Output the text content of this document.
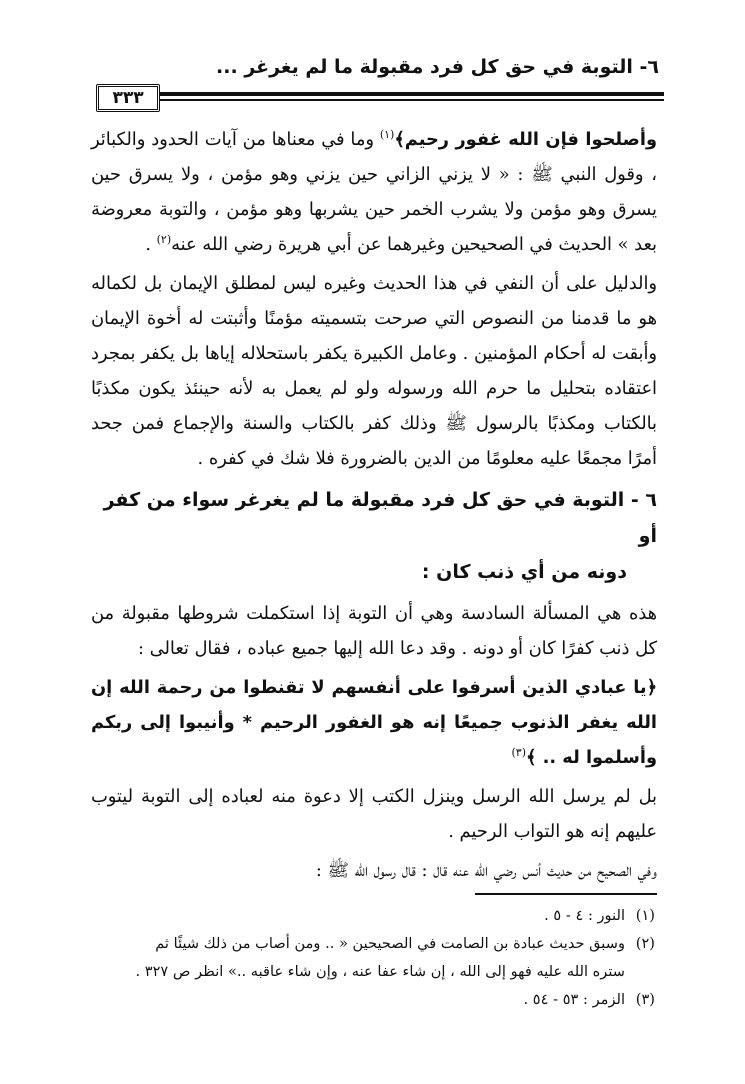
٦- التوبة في حق كل فرد مقبولة ما لم يغرغر ...
٣٣٣

وأصلحوا فإن الله غفور رحيم﴾$^{(١)}$ وما في معناها من آيات الحدود والكبائر ، وقول النبي ﷺ : « لا يزني الزاني حين يزني وهو مؤمن ، ولا يسرق حين يسرق وهو مؤمن ولا يشرب الخمر حين يشربها وهو مؤمن ، والتوبة معروضة بعد » الحديث في الصحيحين وغيرهما عن أبي هريرة رضي الله عنه$^{(٢)}$ .

والدليل على أن النفي في هذا الحديث وغيره ليس لمطلق الإيمان بل لكماله هو ما قدمنا من النصوص التي صرحت بتسميته مؤمنًا وأثبتت له أخوة الإيمان وأبقت له أحكام المؤمنين . وعامل الكبيرة يكفر باستحلاله إياها بل يكفر بمجرد اعتقاده بتحليل ما حرم الله ورسوله ولو لم يعمل به لأنه حينئذ يكون مكذبًا بالكتاب ومكذبًا بالرسول ﷺ وذلك كفر بالكتاب والسنة والإجماع فمن جحد أمرًا مجمعًا عليه معلومًا من الدين بالضرورة فلا شك في كفره .

٦ - التوبة في حق كل فرد مقبولة ما لم يغرغر سواء من كفر أو
دونه من أي ذنب كان :

هذه هي المسألة السادسة وهي أن التوبة إذا استكملت شروطها مقبولة من كل ذنب كفرًا كان أو دونه . وقد دعا الله إليها جميع عباده ، فقال تعالى :

﴿يا عبادي الذين أسرفوا على أنفسهم لا تقنطوا من رحمة الله إن الله يغفر الذنوب جميعًا إنه هو الغفور الرحيم * وأنيبوا إلى ربكم وأسلموا له .. ﴾$^{(٣)}$

بل لم يرسل الله الرسل وينزل الكتب إلا دعوة منه لعباده إلى التوبة ليتوب عليهم إنه هو التواب الرحيم .

وفي الصحيح من حديث أنس رضي الله عنه قال : قال رسول الله ﷺ :

(١)النور : ٤ - ٥ .

(٢)وسبق حديث عبادة بن الصامت في الصحيحين « .. ومن أصاب من ذلك شيئًا ثم
ستره الله عليه فهو إلى الله ، إن شاء عفا عنه ، وإن شاء عاقبه ..» انظر ص ٣٢٧ .

(٣)الزمر : ٥٣ - ٥٤ .
